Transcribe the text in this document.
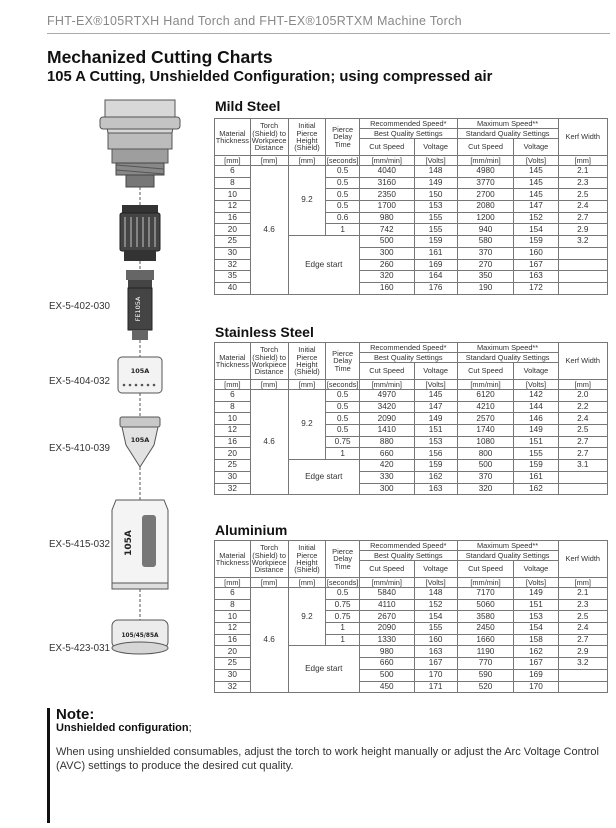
FHT-EX®105RTXH Hand Torch and FHT-EX®105RTXM Machine Torch
Mechanized Cutting Charts
105 A Cutting, Unshielded Configuration; using compressed air
FE105A
105A
105A
105A
105/45/85A
EX-5-402-030
EX-5-404-032
EX-5-410-039
EX-5-415-032
EX-5-423-031
Mild Steel
Stainless Steel
Aluminium
Material Thickness	Torch (Shield) to Workpiece Distance	Initial Pierce Height (Shield)	Pierce Delay Time	Recommended Speed*		Maximum Speed**		Kerf Width
				Best Quality Settings		Standard Quality Settings		
				Cut Speed	Voltage	Cut Speed	Voltage	
[mm]	[mm]	[mm]	[seconds]	[mm/min]	[Volts]	[mm/min]	[Volts]	[mm]
6	4.6	9.2	0.5	4040	148	4980	145	2.1
8			0.5	3160	149	3770	145	2.3
10			0.5	2350	150	2700	145	2.5
12			0.5	1700	153	2080	147	2.4
16			0.6	980	155	1200	152	2.7
20			1	742	155	940	154	2.9
25		Edge start		500	159	580	159	3.2
30				300	161	370	160	
32				260	169	270	167	
35				320	164	350	163	
40				160	176	190	172	
Material Thickness	Torch (Shield) to Workpiece Distance	Initial Pierce Height (Shield)	Pierce Delay Time	Recommended Speed*		Maximum Speed**		Kerf Width
				Best Quality Settings		Standard Quality Settings		
				Cut Speed	Voltage	Cut Speed	Voltage	
[mm]	[mm]	[mm]	[seconds]	[mm/min]	[Volts]	[mm/min]	[Volts]	[mm]
6	4.6	9.2	0.5	4970	145	6120	142	2.0
8			0.5	3420	147	4210	144	2.2
10			0.5	2090	149	2570	146	2.4
12			0.5	1410	151	1740	149	2.5
16			0.75	880	153	1080	151	2.7
20			1	660	156	800	155	2.7
25		Edge start		420	159	500	159	3.1
30				330	162	370	161	
32				300	163	320	162	
Material Thickness	Torch (Shield) to Workpiece Distance	Initial Pierce Height (Shield)	Pierce Delay Time	Recommended Speed*		Maximum Speed**		Kerf Width
				Best Quality Settings		Standard Quality Settings		
				Cut Speed	Voltage	Cut Speed	Voltage	
[mm]	[mm]	[mm]	[seconds]	[mm/min]	[Volts]	[mm/min]	[Volts]	[mm]
6	4.6	9.2	0.5	5840	148	7170	149	2.1
8			0.75	4110	152	5060	151	2.3
10			0.75	2670	154	3580	153	2.5
12			1	2090	155	2450	154	2.4
16			1	1330	160	1660	158	2.7
20		Edge start		980	163	1190	162	2.9
25				660	167	770	167	3.2
30				500	170	590	169	
32				450	171	520	170	
Note:
Unshielded configuration;
When using unshielded consumables, adjust the torch to work height manually or adjust the Arc Voltage Control (AVC) settings to produce the desired cut quality.
